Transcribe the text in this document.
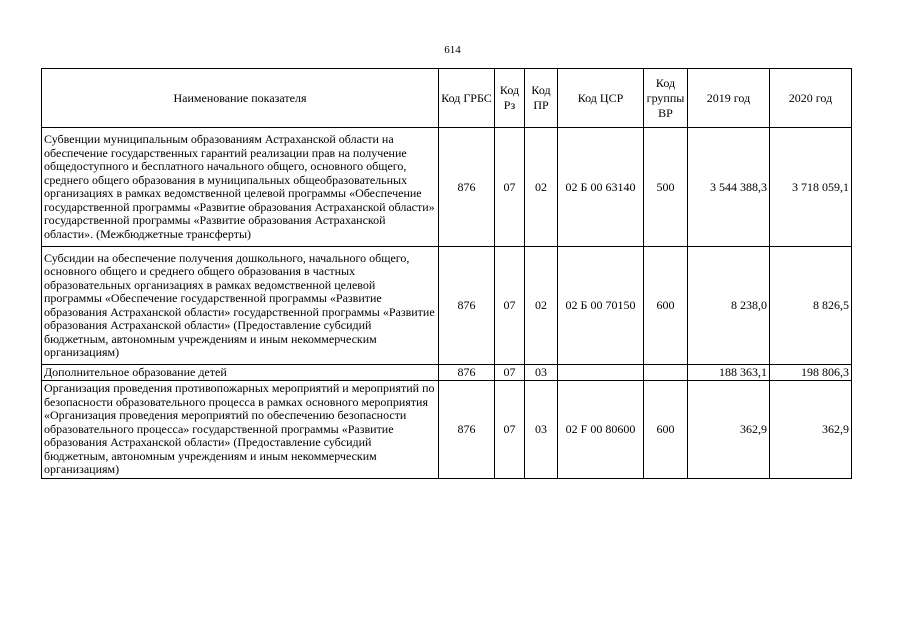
614
Наименование показателя	Код ГРБС	Код Рз	Код ПР	Код ЦСР	Код группы ВР	2019 год	2020 год
Субвенции муниципальным образованиям Астраханской области на обеспечение государственных гарантий реализации прав на получение общедоступного и бесплатного начального общего, основного общего, среднего общего образования в муниципальных общеобразовательных организациях в рамках ведомственной целевой программы «Обеспечение государственной программы «Развитие образования Астраханской области» государственной программы «Развитие образования Астраханской области». (Межбюджетные трансферты)	876	07	02	02 Б 00 63140	500	3 544 388,3	3 718 059,1
Субсидии на обеспечение получения дошкольного, начального общего, основного общего и среднего общего образования в частных образовательных организациях в рамках ведомственной целевой программы «Обеспечение государственной программы «Развитие образования Астраханской области» государственной программы «Развитие образования Астраханской области» (Предоставление субсидий бюджетным, автономным учреждениям и иным некоммерческим организациям)	876	07	02	02 Б 00 70150	600	8 238,0	8 826,5
Дополнительное образование детей	876	07	03			188 363,1	198 806,3
Организация проведения противопожарных мероприятий и мероприятий по безопасности образовательного процесса в рамках основного мероприятия «Организация проведения мероприятий по обеспечению безопасности образовательного процесса» государственной программы «Развитие образования Астраханской области» (Предоставление субсидий бюджетным, автономным учреждениям и иным некоммерческим организациям)	876	07	03	02 F 00 80600	600	362,9	362,9
